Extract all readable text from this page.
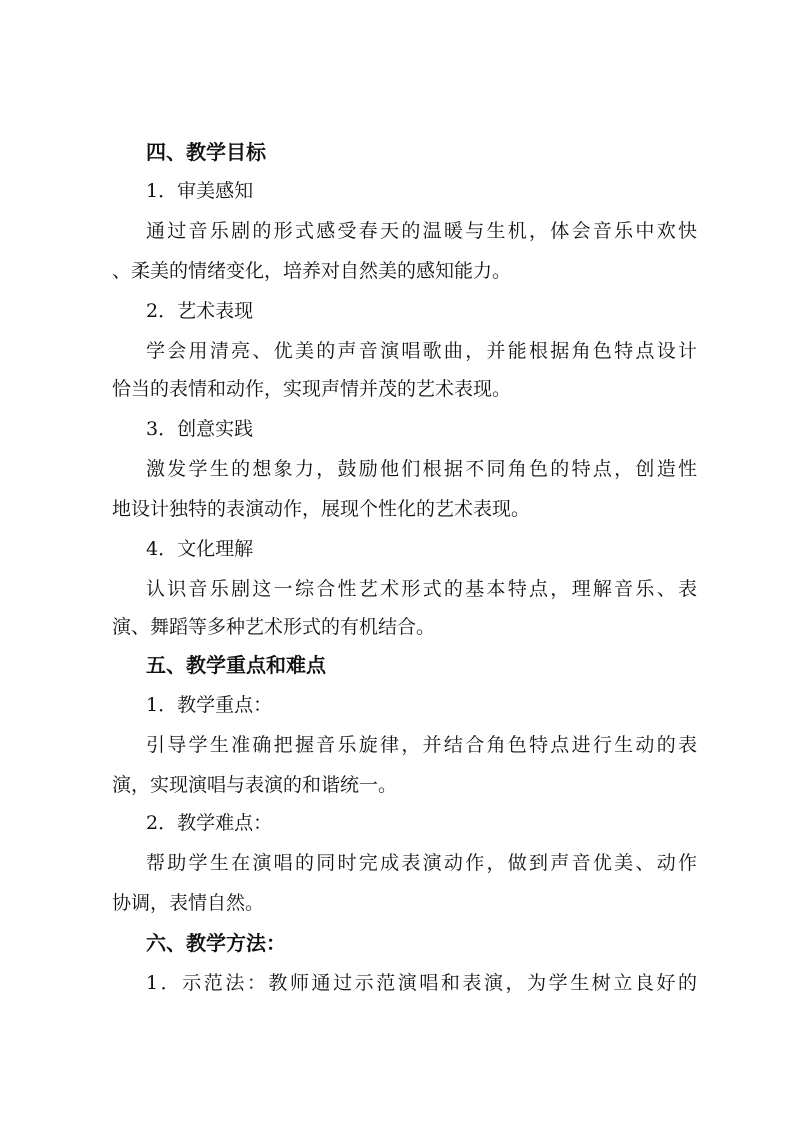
四、教学目标
1．审美感知
通过音乐剧的形式感受春天的温暖与生机，体会音乐中欢快
、柔美的情绪变化，培养对自然美的感知能力。
2．艺术表现
学会用清亮、优美的声音演唱歌曲，并能根据角色特点设计
恰当的表情和动作，实现声情并茂的艺术表现。
3．创意实践
激发学生的想象力，鼓励他们根据不同角色的特点，创造性
地设计独特的表演动作，展现个性化的艺术表现。
4．文化理解
认识音乐剧这一综合性艺术形式的基本特点，理解音乐、表
演、舞蹈等多种艺术形式的有机结合。
五、教学重点和难点
1．教学重点：
引导学生准确把握音乐旋律，并结合角色特点进行生动的表
演，实现演唱与表演的和谐统一。
2．教学难点：
帮助学生在演唱的同时完成表演动作，做到声音优美、动作
协调，表情自然。
六、教学方法：
1．示范法：教师通过示范演唱和表演，为学生树立良好的
